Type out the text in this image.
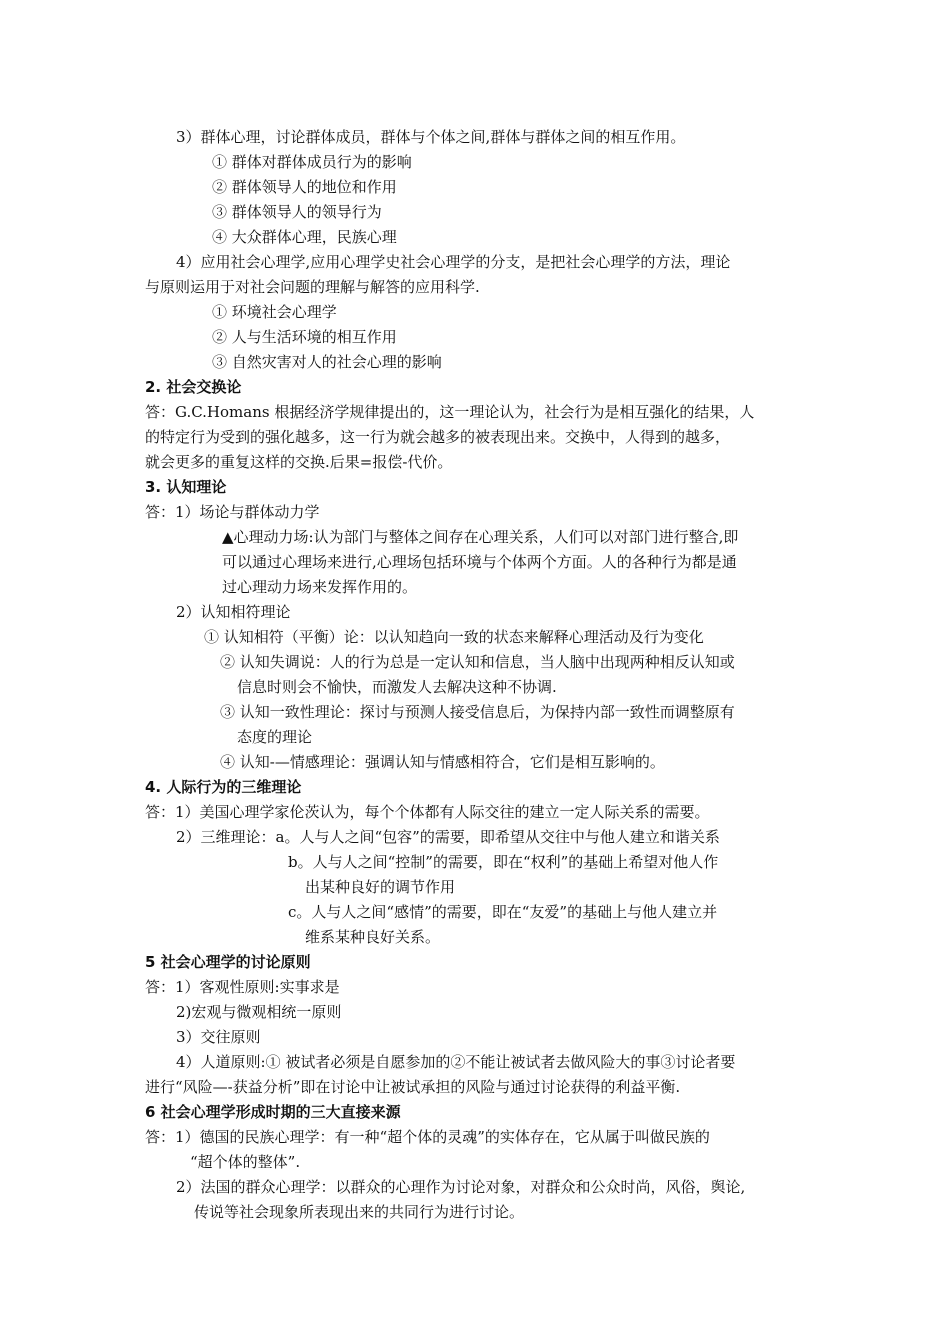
3）群体心理，讨论群体成员，群体与个体之间,群体与群体之间的相互作用。
① 群体对群体成员行为的影响
② 群体领导人的地位和作用
③ 群体领导人的领导行为
④ 大众群体心理，民族心理
4）应用社会心理学,应用心理学史社会心理学的分支，是把社会心理学的方法，理论
与原则运用于对社会问题的理解与解答的应用科学.
① 环境社会心理学
② 人与生活环境的相互作用
③ 自然灾害对人的社会心理的影响
2. 社会交换论
答：G.C.Homans 根据经济学规律提出的，这一理论认为，社会行为是相互强化的结果，人
的特定行为受到的强化越多，这一行为就会越多的被表现出来。交换中，人得到的越多，
就会更多的重复这样的交换.后果=报偿-代价。
3. 认知理论
答：1）场论与群体动力学
▲心理动力场:认为部门与整体之间存在心理关系，人们可以对部门进行整合,即
可以通过心理场来进行,心理场包括环境与个体两个方面。人的各种行为都是通
过心理动力场来发挥作用的。
2）认知相符理论
① 认知相符（平衡）论：以认知趋向一致的状态来解释心理活动及行为变化
② 认知失调说：人的行为总是一定认知和信息，当人脑中出现两种相反认知或
信息时则会不愉快，而激发人去解决这种不协调.
③ 认知一致性理论：探讨与预测人接受信息后，为保持内部一致性而调整原有
态度的理论
④ 认知-—情感理论：强调认知与情感相符合，它们是相互影响的。
4. 人际行为的三维理论
答：1）美国心理学家伦茨认为，每个个体都有人际交往的建立一定人际关系的需要。
2）三维理论：a。人与人之间“包容”的需要，即希望从交往中与他人建立和谐关系
b。人与人之间“控制”的需要，即在“权利”的基础上希望对他人作
出某种良好的调节作用
c。人与人之间“感情”的需要，即在“友爱”的基础上与他人建立并
维系某种良好关系。
5 社会心理学的讨论原则
答：1）客观性原则:实事求是
2)宏观与微观相统一原则
3）交往原则
4）人道原则:① 被试者必须是自愿参加的②不能让被试者去做风险大的事③讨论者要
进行“风险—-获益分析”即在讨论中让被试承担的风险与通过讨论获得的利益平衡.
6 社会心理学形成时期的三大直接来源
答：1）德国的民族心理学：有一种“超个体的灵魂”的实体存在，它从属于叫做民族的
“超个体的整体”.
2）法国的群众心理学：以群众的心理作为讨论对象，对群众和公众时尚，风俗，舆论,
传说等社会现象所表现出来的共同行为进行讨论。
